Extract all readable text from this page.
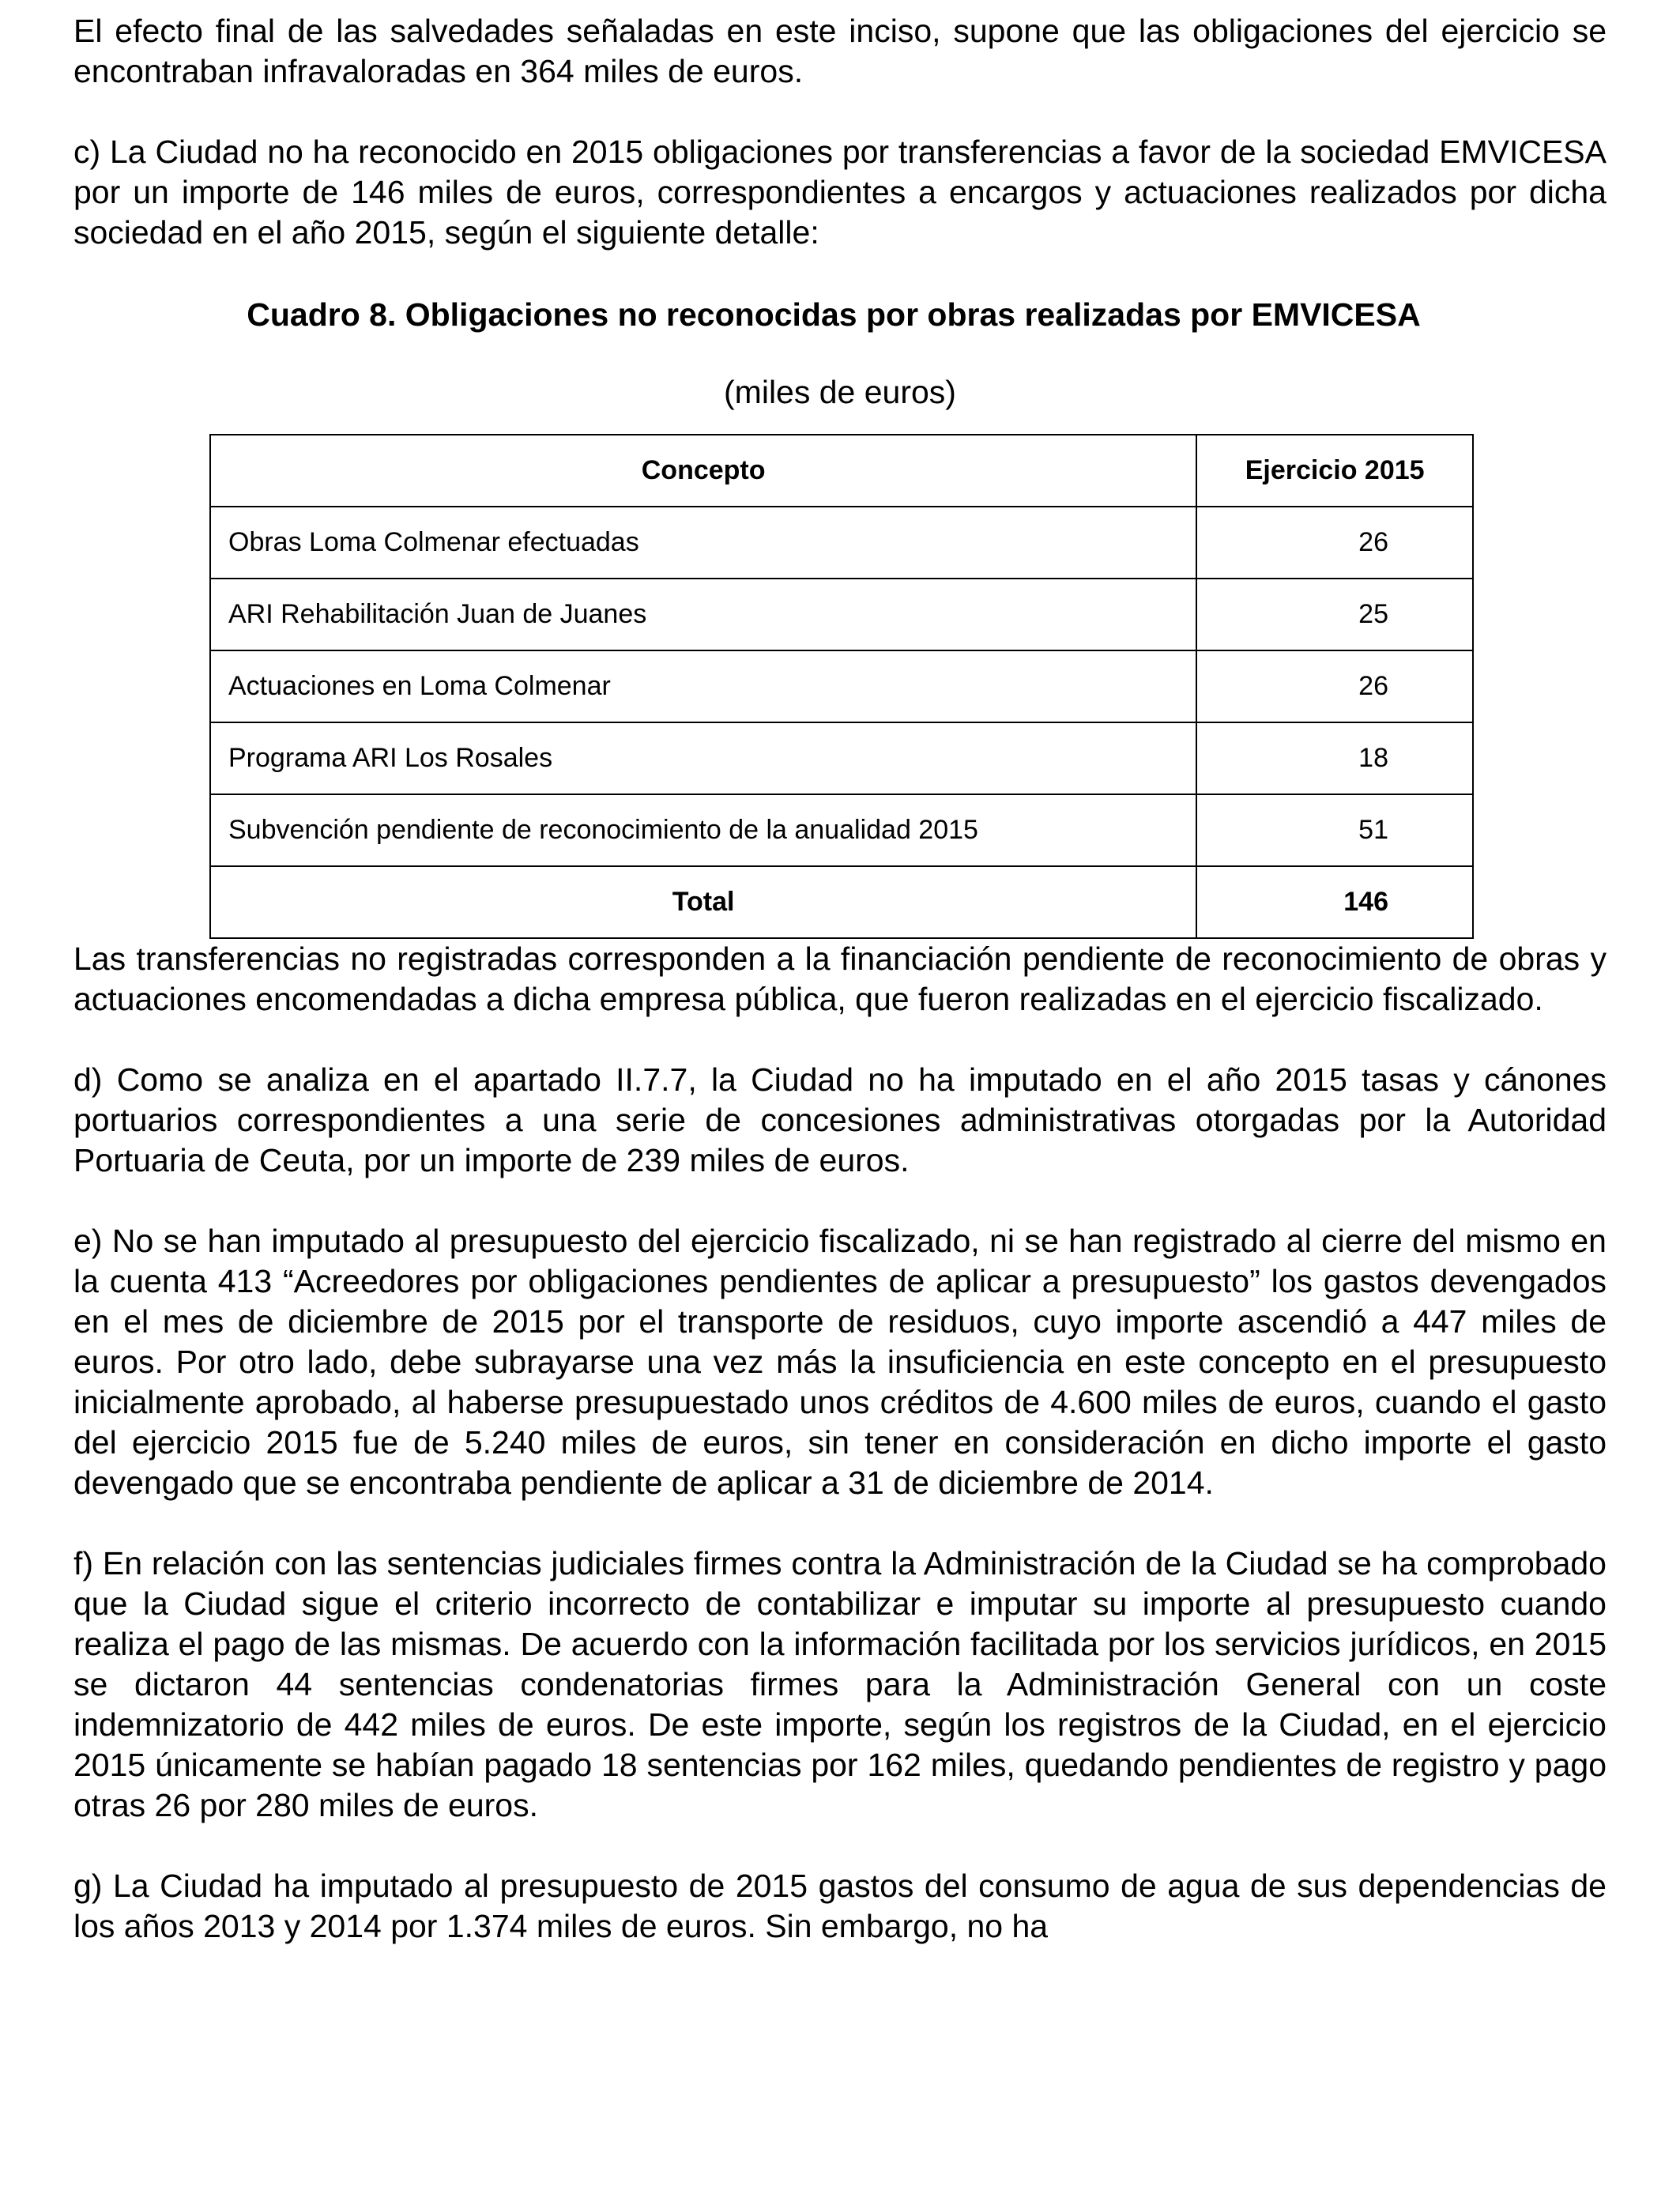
El efecto final de las salvedades señaladas en este inciso, supone que las obligaciones del ejercicio se encontraban infravaloradas en 364 miles de euros.

c) La Ciudad no ha reconocido en 2015 obligaciones por transferencias a favor de la sociedad EMVICESA por un importe de 146 miles de euros, correspondientes a encargos y actuaciones realizados por dicha sociedad en el año 2015, según el siguiente detalle:

Cuadro 8. Obligaciones no reconocidas por obras realizadas por EMVICESA

(miles de euros)

Concepto	Ejercicio 2015
Obras Loma Colmenar efectuadas	26
ARI Rehabilitación Juan de Juanes	25
Actuaciones en Loma Colmenar	26
Programa ARI Los Rosales	18
Subvención pendiente de reconocimiento de la anualidad 2015	51
Total	146

Las transferencias no registradas corresponden a la financiación pendiente de reconocimiento de obras y actuaciones encomendadas a dicha empresa pública, que fueron realizadas en el ejercicio fiscalizado.

d) Como se analiza en el apartado II.7.7, la Ciudad no ha imputado en el año 2015 tasas y cánones portuarios correspondientes a una serie de concesiones administrativas otorgadas por la Autoridad Portuaria de Ceuta, por un importe de 239 miles de euros.

e) No se han imputado al presupuesto del ejercicio fiscalizado, ni se han registrado al cierre del mismo en la cuenta 413 “Acreedores por obligaciones pendientes de aplicar a presupuesto” los gastos devengados en el mes de diciembre de 2015 por el transporte de residuos, cuyo importe ascendió a 447 miles de euros. Por otro lado, debe subrayarse una vez más la insuficiencia en este concepto en el presupuesto inicialmente aprobado, al haberse presupuestado unos créditos de 4.600 miles de euros, cuando el gasto del ejercicio 2015 fue de 5.240 miles de euros, sin tener en consideración en dicho importe el gasto devengado que se encontraba pendiente de aplicar a 31 de diciembre de 2014.

f) En relación con las sentencias judiciales firmes contra la Administración de la Ciudad se ha comprobado que la Ciudad sigue el criterio incorrecto de contabilizar e imputar su importe al presupuesto cuando realiza el pago de las mismas. De acuerdo con la información facilitada por los servicios jurídicos, en 2015 se dictaron 44 sentencias condenatorias firmes para la Administración General con un coste indemnizatorio de 442 miles de euros. De este importe, según los registros de la Ciudad, en el ejercicio 2015 únicamente se habían pagado 18 sentencias por 162 miles, quedando pendientes de registro y pago otras 26 por 280 miles de euros.

g) La Ciudad ha imputado al presupuesto de 2015 gastos del consumo de agua de sus dependencias de los años 2013 y 2014 por 1.374 miles de euros. Sin embargo, no ha
